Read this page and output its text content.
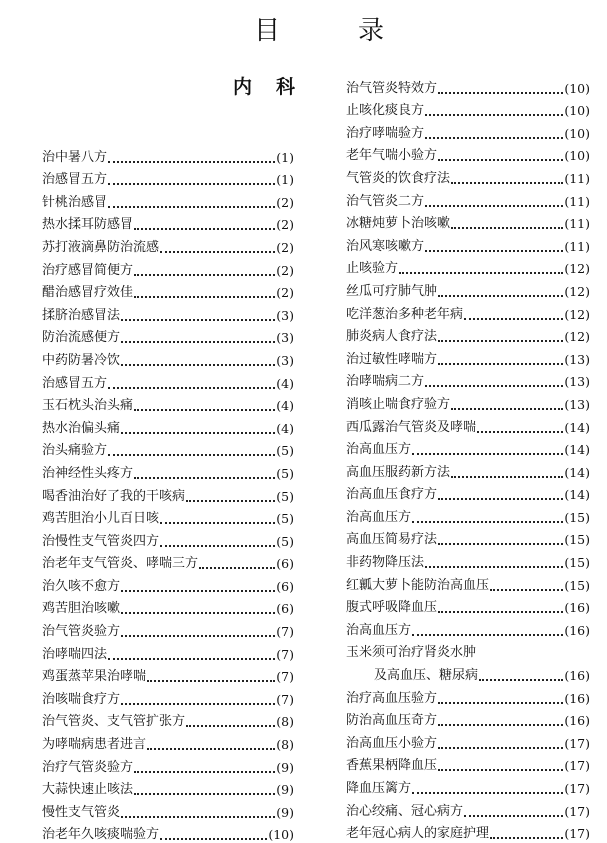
目	录
内科
治中暑八方	(1)
治感冒五方	(1)
针桃治感冒	(2)
热水揉耳防感冒	(2)
苏打液滴鼻防治流感	(2)
治疗感冒简便方	(2)
醋治感冒疗效佳	(2)
揉脐治感冒法	(3)
防治流感便方	(3)
中药防暑冷饮	(3)
治感冒五方	(4)
玉石枕头治头痛	(4)
热水治偏头痛	(4)
治头痛验方	(5)
治神经性头疼方	(5)
喝香油治好了我的干咳病	(5)
鸡苦胆治小儿百日咳	(5)
治慢性支气管炎四方	(5)
治老年支气管炎、哮喘三方	(6)
治久咳不愈方	(6)
鸡苦胆治咳嗽	(6)
治气管炎验方	(7)
治哮喘四法	(7)
鸡蛋蒸苹果治哮喘	(7)
治咳喘食疗方	(7)
治气管炎、支气管扩张方	(8)
为哮喘病患者进言	(8)
治疗气管炎验方	(9)
大蒜快速止咳法	(9)
慢性支气管炎	(9)
治老年久咳痰喘验方	(10)
治气管炎特效方	(10)
止咳化痰良方	(10)
治疗哮喘验方	(10)
老年气喘小验方	(10)
气管炎的饮食疗法	(11)
治气管炎二方	(11)
冰糖炖萝卜治咳嗽	(11)
治风寒咳嗽方	(11)
止咳验方	(12)
丝瓜可疗肺气肿	(12)
吃洋葱治多种老年病	(12)
肺炎病人食疗法	(12)
治过敏性哮喘方	(13)
治哮喘病二方	(13)
消咳止喘食疗验方	(13)
西瓜露治气管炎及哮喘	(14)
治高血压方	(14)
高血压服药新方法	(14)
治高血压食疗方	(14)
治高血压方	(15)
高血压简易疗法	(15)
非药物降压法	(15)
红瓤大萝卜能防治高血压	(15)
腹式呼吸降血压	(16)
治高血压方	(16)
玉米须可治疗肾炎水肿
及高血压、糖尿病	(16)
治疗高血压验方	(16)
防治高血压奇方	(16)
治高血压小验方	(17)
香蕉果柄降血压	(17)
降血压篱方	(17)
治心绞痛、冠心病方	(17)
老年冠心病人的家庭护理	(17)
